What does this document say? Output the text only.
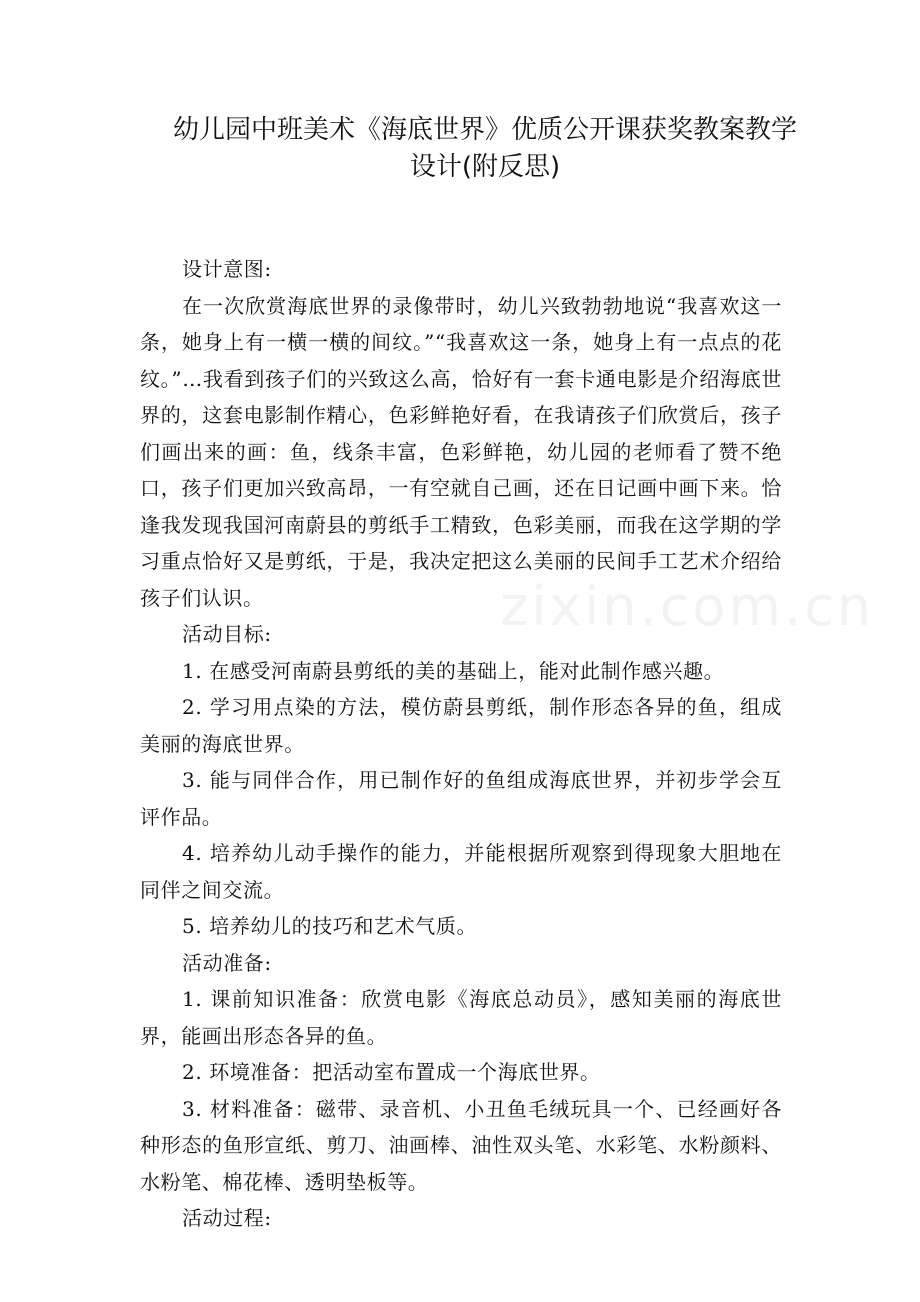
幼儿园中班美术《海底世界》优质公开课获奖教案教学
设计(附反思)
zixin.com.cn

设计意图:

在一次欣赏海底世界的录像带时，幼儿兴致勃勃地说“我喜欢这一条，她身上有一横一横的间纹。”“我喜欢这一条，她身上有一点点的花纹。”…我看到孩子们的兴致这么高，恰好有一套卡通电影是介绍海底世界的，这套电影制作精心，色彩鲜艳好看，在我请孩子们欣赏后，孩子们画出来的画：鱼，线条丰富，色彩鲜艳，幼儿园的老师看了赞不绝口，孩子们更加兴致高昂，一有空就自己画，还在日记画中画下来。恰逢我发现我国河南蔚县的剪纸手工精致，色彩美丽，而我在这学期的学习重点恰好又是剪纸，于是，我决定把这么美丽的民间手工艺术介绍给孩子们认识。

活动目标:

1. 在感受河南蔚县剪纸的美的基础上，能对此制作感兴趣。

2. 学习用点染的方法，模仿蔚县剪纸，制作形态各异的鱼，组成美丽的海底世界。

3. 能与同伴合作，用已制作好的鱼组成海底世界，并初步学会互评作品。

4. 培养幼儿动手操作的能力，并能根据所观察到得现象大胆地在同伴之间交流。

5. 培养幼儿的技巧和艺术气质。

活动准备:

1. 课前知识准备：欣赏电影《海底总动员》，感知美丽的海底世界，能画出形态各异的鱼。

2. 环境准备：把活动室布置成一个海底世界。

3. 材料准备：磁带、录音机、小丑鱼毛绒玩具一个、已经画好各种形态的鱼形宣纸、剪刀、油画棒、油性双头笔、水彩笔、水粉颜料、水粉笔、棉花棒、透明垫板等。

活动过程:
